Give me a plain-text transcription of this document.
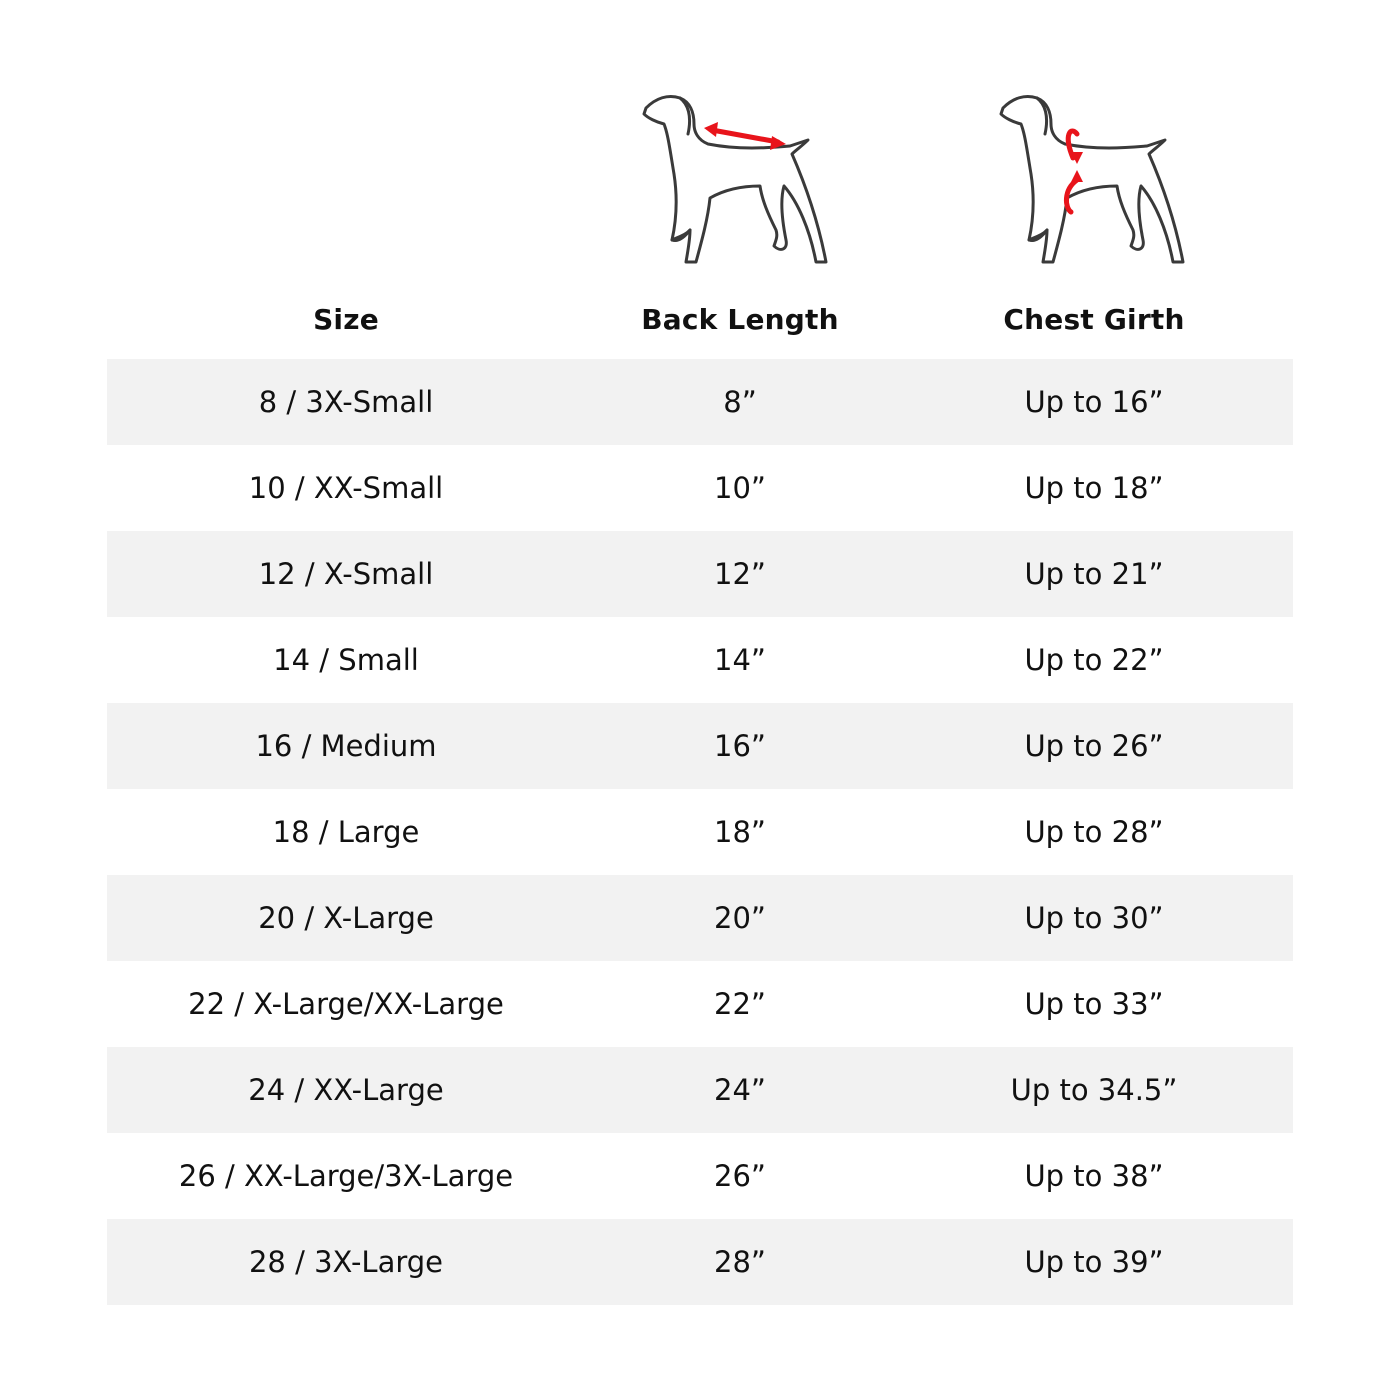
Size	Back Length	Chest Girth
8 / 3X-Small	8”	Up to 16”
10 / XX-Small	10”	Up to 18”
12 / X-Small	12”	Up to 21”
14 / Small	14”	Up to 22”
16 / Medium	16”	Up to 26”
18 / Large	18”	Up to 28”
20 / X-Large	20”	Up to 30”
22 / X-Large/XX-Large	22”	Up to 33”
24 / XX-Large	24”	Up to 34.5”
26 / XX-Large/3X-Large	26”	Up to 38”
28 / 3X-Large	28”	Up to 39”
